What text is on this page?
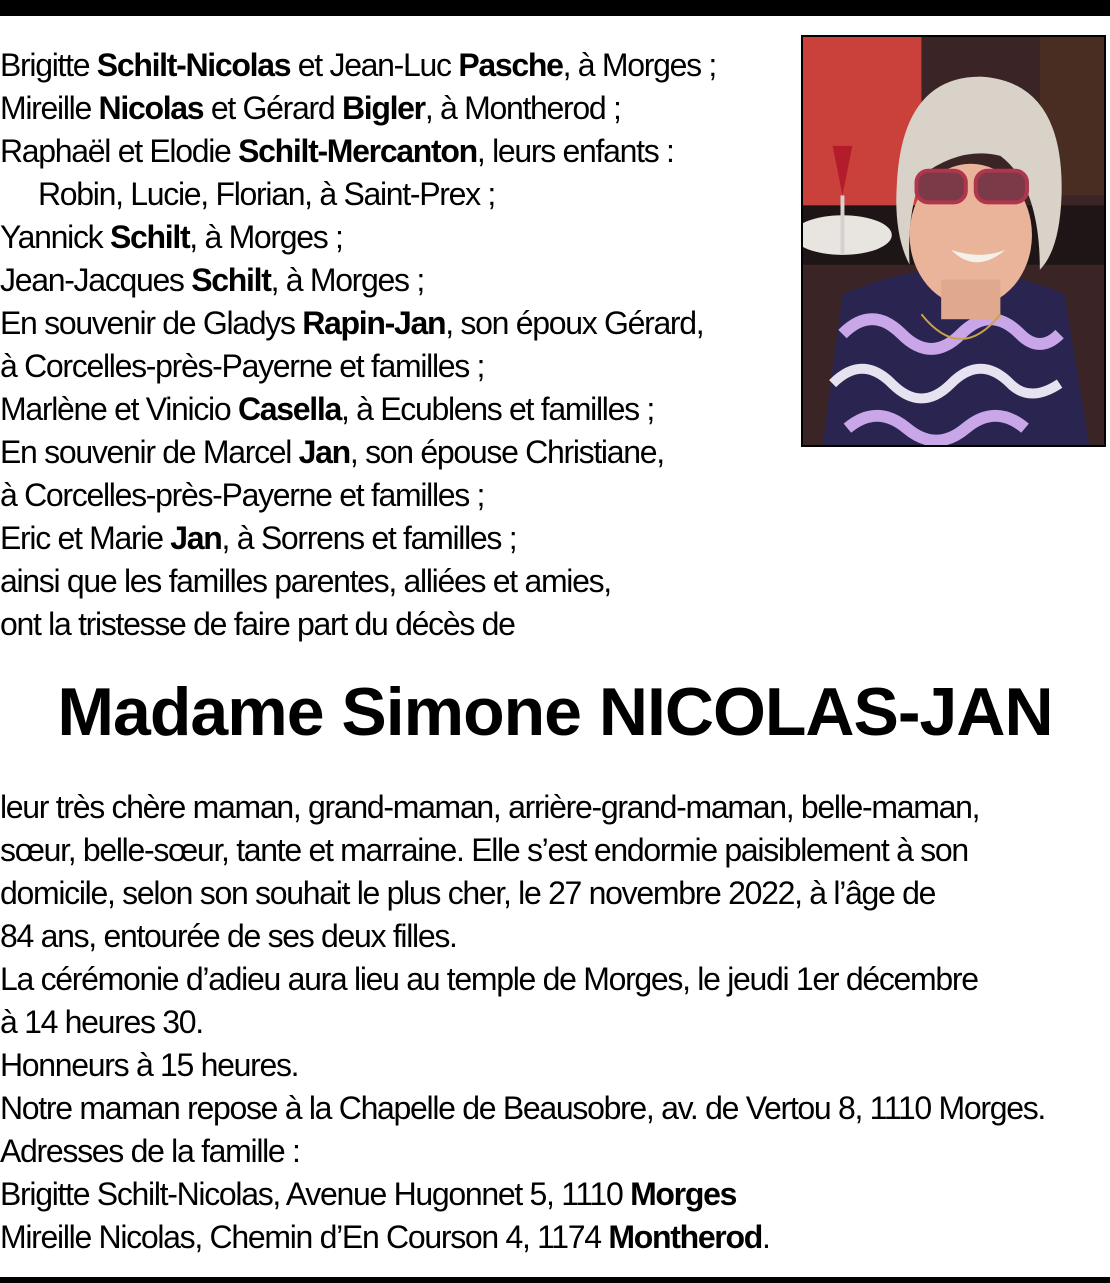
Brigitte Schilt-Nicolas et Jean-Luc Pasche, à Morges ;
Mireille Nicolas et Gérard Bigler, à Montherod ;
Raphaël et Elodie Schilt-Mercanton, leurs enfants :
Robin, Lucie, Florian, à Saint-Prex ;
Yannick Schilt, à Morges ;
Jean-Jacques Schilt, à Morges ;
En souvenir de Gladys Rapin-Jan, son époux Gérard,
à Corcelles-près-Payerne et familles ;
Marlène et Vinicio Casella, à Ecublens et familles ;
En souvenir de Marcel Jan, son épouse Christiane,
à Corcelles-près-Payerne et familles ;
Eric et Marie Jan, à Sorrens et familles ;
ainsi que les familles parentes, alliées et amies,
ont la tristesse de faire part du décès de
Madame Simone NICOLAS-JAN
leur très chère maman, grand-maman, arrière-grand-maman, belle-maman,
sœur, belle-sœur, tante et marraine. Elle s’est endormie paisiblement à son
domicile, selon son souhait le plus cher, le 27 novembre 2022, à l’âge de
84 ans, entourée de ses deux filles.
La cérémonie d’adieu aura lieu au temple de Morges, le jeudi 1er décembre
à 14 heures 30.
Honneurs à 15 heures.
Notre maman repose à la Chapelle de Beausobre, av. de Vertou 8, 1110 Morges.
Adresses de la famille :
Brigitte Schilt-Nicolas, Avenue Hugonnet 5, 1110 Morges
Mireille Nicolas, Chemin d’En Courson 4, 1174 Montherod.
